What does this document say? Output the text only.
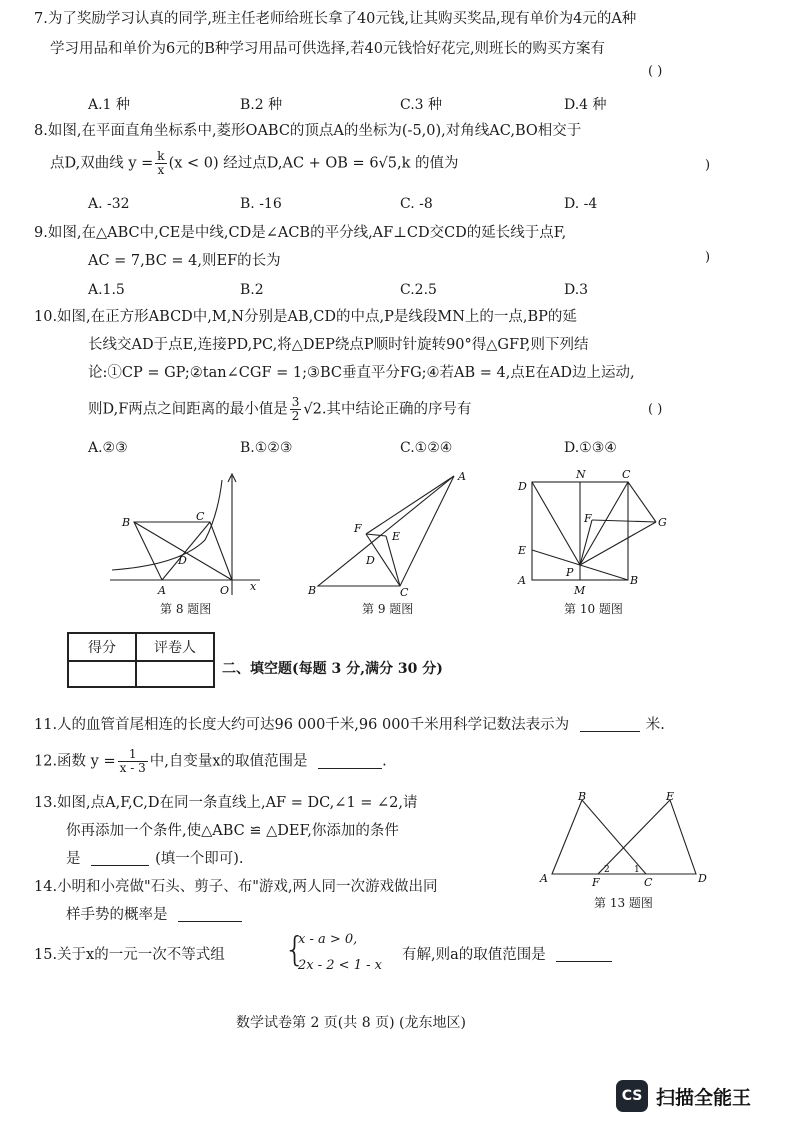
7.为了奖励学习认真的同学,班主任老师给班长拿了40元钱,让其购买奖品,现有单价为4元的A种
学习用品和单价为6元的B种学习用品可供选择,若40元钱恰好花完,则班长的购买方案有
( )
A.1 种	B.2 种	C.3 种	D.4 种
8.如图,在平面直角坐标系中,菱形OABC的顶点A的坐标为(-5,0),对角线AC,BO相交于
点D,双曲线 $y = \frac{k}{x} (x < 0)$ 经过点D,AC + OB = 6√5,k 的值为	)
A. -32	B. -16	C. -8	D. -4
9.如图,在△ABC中,CE是中线,CD是∠ACB的平分线,AF⊥CD交CD的延长线于点F,
AC = 7,BC = 4,则EF的长为	)
A.1.5	B.2	C.2.5	D.3
10.如图,在正方形ABCD中,M,N分别是AB,CD的中点,P是线段MN上的一点,BP的延
长线交AD于点E,连接PD,PC,将△DEP绕点P顺时针旋转90°得△GFP,则下列结
论:①CP = GP;②tan∠CGF = 1;③BC垂直平分FG;④若AB = 4,点E在AD边上运动,
则D,F两点之间距离的最小值是 $\frac{3}{2} √2$.其中结论正确的序号有	( )
A.②③	B.①②③	C.①②④	D.①③④
B	C
D
A	O x
第 8 题图
A
F
E
D
B	C
第 9 题图
D
N	C
F	G
E
P
A
M
B
第 10 题图
得分	评卷人

二、填空题(每题 3 分,满分 30 分)
11.人的血管首尾相连的长度大约可达96 000千米,96 000千米用科学记数法表示为	米.
12.函数 $y = \frac{1}{x - 3}$ 中,自变量x的取值范围是	.
13.如图,点A,F,C,D在同一条直线上,AF = DC,∠1 = ∠2,请
你再添加一个条件,使△ABC ≌ △DEF,你添加的条件
是	(填一个即可).
B	E
2	1
A	F	C	D
第 13 题图
14.小明和小亮做"石头、剪子、布"游戏,两人同一次游戏做出同
样手势的概率是
15.关于x的一元一次不等式组 {
x - a > 0,
2x - 2 < 1 - x
有解,则a的取值范围是
数学试卷第 2 页(共 8 页) (龙东地区)
CS 扫描全能王
